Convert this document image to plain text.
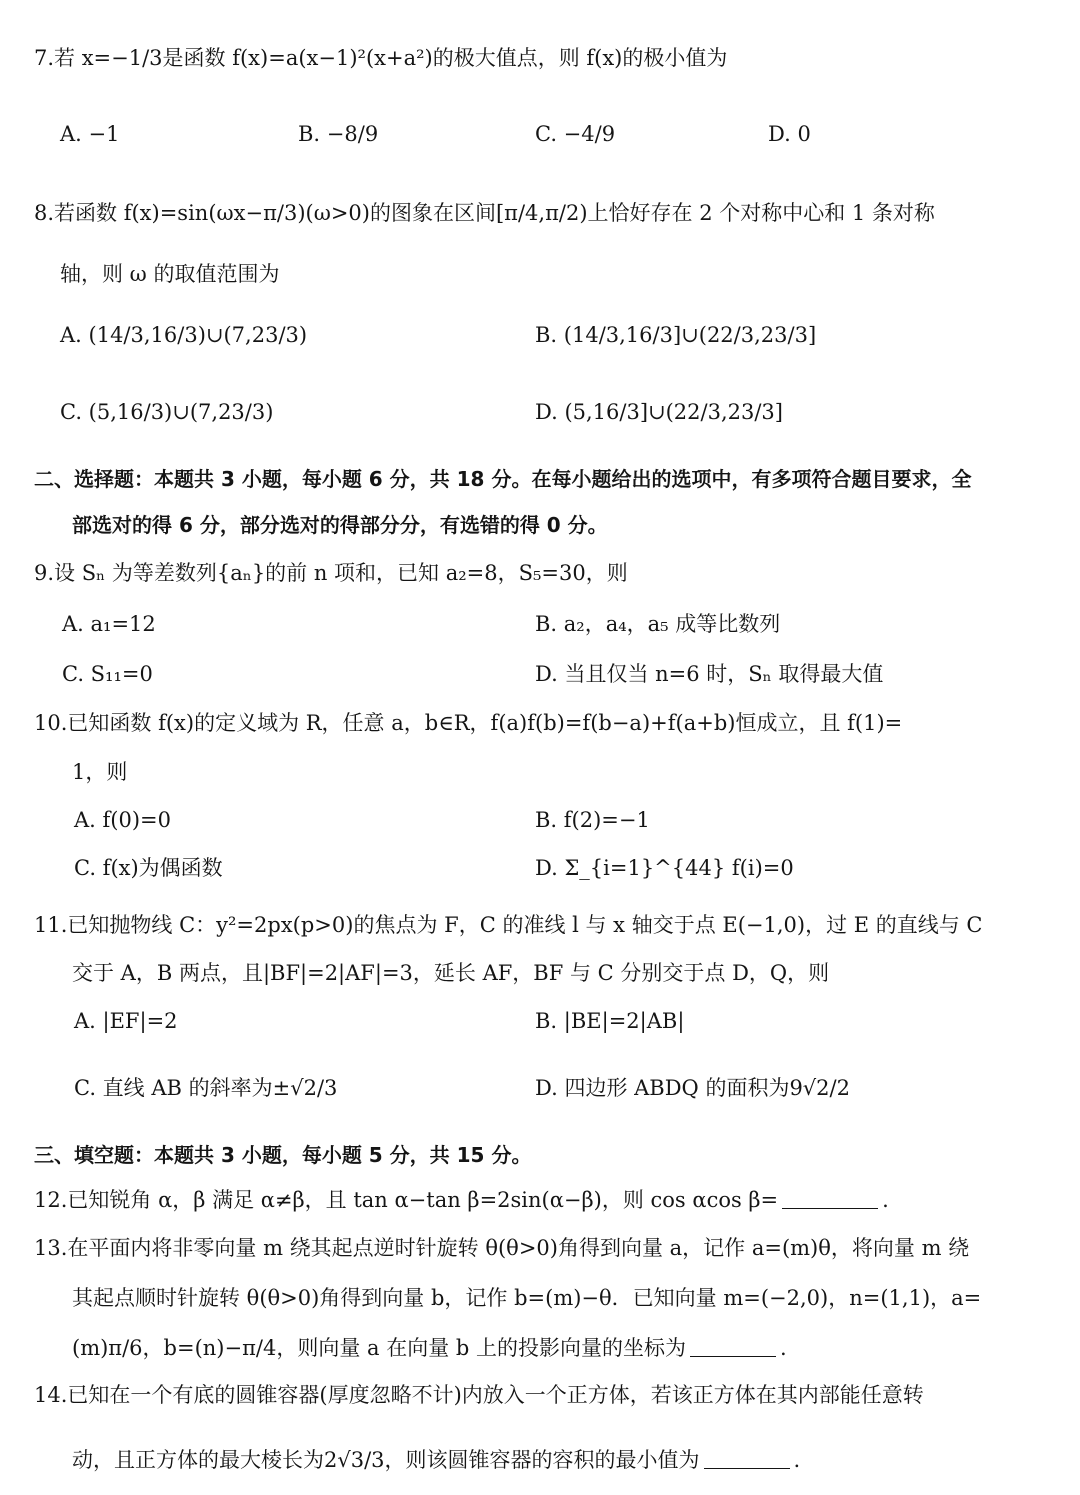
7.若 x=−1/3是函数 f(x)=a(x−1)²(x+a²)的极大值点，则 f(x)的极小值为
A. −1	B. −8/9	C. −4/9	D. 0
8.若函数 f(x)=sin(ωx−π/3)(ω>0)的图象在区间[π/4,π/2)上恰好存在 2 个对称中心和 1 条对称
轴，则 ω 的取值范围为
A. (14/3,16/3)∪(7,23/3)	B. (14/3,16/3]∪(22/3,23/3]
C. (5,16/3)∪(7,23/3)	D. (5,16/3]∪(22/3,23/3]
二、选择题：本题共 3 小题，每小题 6 分，共 18 分。在每小题给出的选项中，有多项符合题目要求，全
部选对的得 6 分，部分选对的得部分分，有选错的得 0 分。
9.设 Sₙ 为等差数列{aₙ}的前 n 项和，已知 a₂=8，S₅=30，则
A. a₁=12	B. a₂，a₄，a₅ 成等比数列
C. S₁₁=0	D. 当且仅当 n=6 时，Sₙ 取得最大值
10.已知函数 f(x)的定义域为 R，任意 a，b∈R，f(a)f(b)=f(b−a)+f(a+b)恒成立，且 f(1)=
1，则
A. f(0)=0	B. f(2)=−1
C. f(x)为偶函数	D. Σ_{i=1}^{44} f(i)=0
11.已知抛物线 C：y²=2px(p>0)的焦点为 F，C 的准线 l 与 x 轴交于点 E(−1,0)，过 E 的直线与 C
交于 A，B 两点，且|BF|=2|AF|=3，延长 AF，BF 与 C 分别交于点 D，Q，则
A. |EF|=2	B. |BE|=2|AB|
C. 直线 AB 的斜率为±√2/3	D. 四边形 ABDQ 的面积为9√2/2
三、填空题：本题共 3 小题，每小题 5 分，共 15 分。
12.已知锐角 α，β 满足 α≠β，且 tan α−tan β=2sin(α−β)，则 cos αcos β=	.
13.在平面内将非零向量 m 绕其起点逆时针旋转 θ(θ>0)角得到向量 a，记作 a=(m)θ，将向量 m 绕
其起点顺时针旋转 θ(θ>0)角得到向量 b，记作 b=(m)−θ．已知向量 m=(−2,0)，n=(1,1)，a=
(m)π/6，b=(n)−π/4，则向量 a 在向量 b 上的投影向量的坐标为	.
14.已知在一个有底的圆锥容器(厚度忽略不计)内放入一个正方体，若该正方体在其内部能任意转
动，且正方体的最大棱长为2√3/3，则该圆锥容器的容积的最小值为	.
